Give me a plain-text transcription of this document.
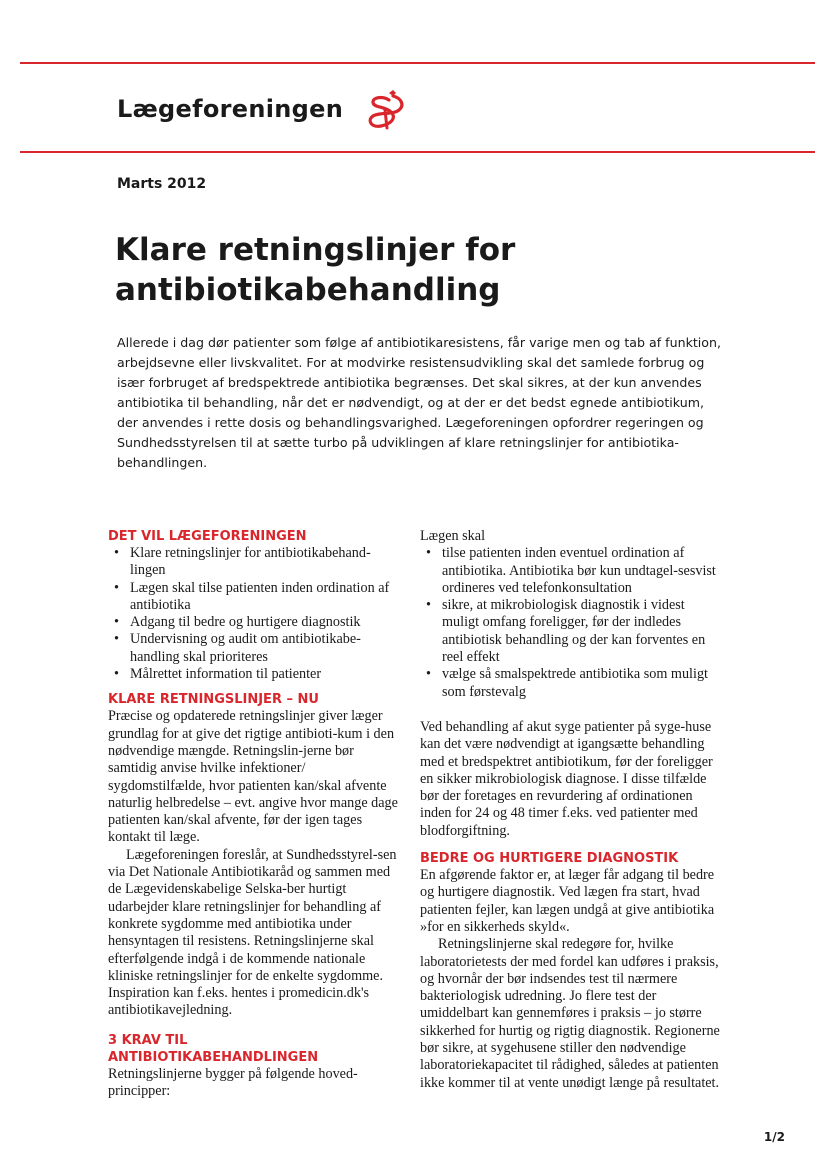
Lægeforeningen
Marts 2012
Klare retningslinjer for antibiotikabehandling

Allerede i dag dør patienter som følge af antibiotikaresistens, får varige men og tab af funktion, arbejdsevne eller livskvalitet. For at modvirke resistensudvikling skal det samlede forbrug og især forbruget af bredspektrede antibiotika begrænses. Det skal sikres, at der kun anvendes antibiotika til behandling, når det er nødvendigt, og at der er det bedst egnede antibiotikum, der anvendes i rette dosis og behandlingsvarighed. Lægeforeningen opfordrer regeringen og Sundhedsstyrelsen til at sætte turbo på udviklingen af klare retningslinjer for antibiotika-behandlingen.

DET VIL LÆGEFORENINGEN
• Klare retningslinjer for antibiotikabehand-lingen
• Lægen skal tilse patienten inden ordination af antibiotika
• Adgang til bedre og hurtigere diagnostik
• Undervisning og audit om antibiotikabe-handling skal prioriteres
• Målrettet information til patienter
KLARE RETNINGSLINJER – NU

Præcise og opdaterede retningslinjer giver læger grundlag for at give det rigtige antibioti-kum i den nødvendige mængde. Retningslin-jerne bør samtidig anvise hvilke infektioner/ sygdomstilfælde, hvor patienten kan/skal afvente naturlig helbredelse – evt. angive hvor mange dage patienten kan/skal afvente, før der igen tages kontakt til læge.

Lægeforeningen foreslår, at Sundhedsstyrel-sen via Det Nationale Antibiotikaråd og sammen med de Lægevidenskabelige Selska-ber hurtigt udarbejder klare retningslinjer for behandling af konkrete sygdomme med antibiotika under hensyntagen til resistens. Retningslinjerne skal efterfølgende indgå i de kommende nationale kliniske retningslinjer for de enkelte sygdomme. Inspiration kan f.eks. hentes i promedicin.dk's antibiotikavejledning.

3 KRAV TIL
ANTIBIOTIKABEHANDLINGEN

Retningslinjerne bygger på følgende hoved-principper:

Lægen skal

• tilse patienten inden eventuel ordination af antibiotika. Antibiotika bør kun undtagel-sesvist ordineres ved telefonkonsultation
• sikre, at mikrobiologisk diagnostik i videst muligt omfang foreligger, før der indledes antibiotisk behandling og der kan forventes en reel effekt
• vælge så smalspektrede antibiotika som muligt som førstevalg

Ved behandling af akut syge patienter på syge-huse kan det være nødvendigt at igangsætte behandling med et bredspektret antibiotikum, før der foreligger en sikker mikrobiologisk diagnose. I disse tilfælde bør der foretages en revurdering af ordinationen inden for 24 og 48 timer f.eks. ved patienter med blodforgiftning.

BEDRE OG HURTIGERE DIAGNOSTIK

En afgørende faktor er, at læger får adgang til bedre og hurtigere diagnostik. Ved lægen fra start, hvad patienten fejler, kan lægen undgå at give antibiotika »for en sikkerheds skyld«.

Retningslinjerne skal redegøre for, hvilke laboratorietests der med fordel kan udføres i praksis, og hvornår der bør indsendes test til nærmere bakteriologisk udredning. Jo flere test der umiddelbart kan gennemføres i praksis – jo større sikkerhed for hurtig og rigtig diagnostik. Regionerne bør sikre, at sygehusene stiller den nødvendige laboratoriekapacitet til rådighed, således at patienten ikke kommer til at vente unødigt længe på resultatet.

1/2
